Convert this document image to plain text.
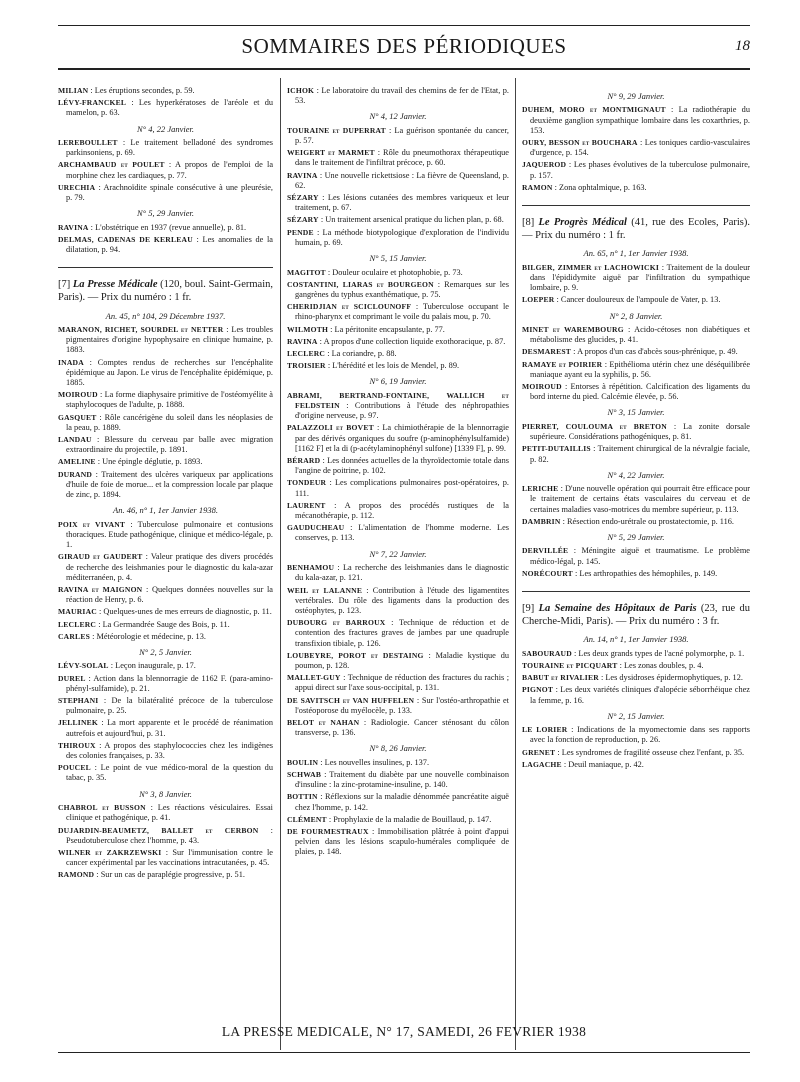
SOMMAIRES DES PÉRIODIQUES	18

MILIAN : Les éruptions secondes, p. 59.

LÉVY-FRANCKEL : Les hyperkératoses de l'aréole et du mamelon, p. 63.

N° 4, 22 Janvier.

LEREBOULLET : Le traitement belladoné des syndromes parkinsoniens, p. 69.

ARCHAMBAUD et POULET : A propos de l'emploi de la morphine chez les cardiaques, p. 77.

URECHIA : Arachnoïdite spinale consécutive à une pleurésie, p. 79.

N° 5, 29 Janvier.

RAVINA : L'obstétrique en 1937 (revue annuelle), p. 81.

DELMAS, CADENAS DE KERLEAU : Les anomalies de la dilatation, p. 94.

[7] La Presse Médicale (120, boul. Saint-Germain, Paris). — Prix du numéro : 1 fr.
An. 45, n° 104, 29 Décembre 1937.

MARANON, RICHET, SOURDEL et NETTER : Les troubles pigmentaires d'origine hypophysaire en clinique humaine, p. 1883.

INADA : Comptes rendus de recherches sur l'encéphalite épidémique au Japon. Le virus de l'encéphalite épidémique, p. 1885.

MOIROUD : La forme diaphysaire primitive de l'ostéomyélite à staphylocoques de l'adulte, p. 1888.

GASQUET : Rôle cancérigène du soleil dans les néoplasies de la peau, p. 1889.

LANDAU : Blessure du cerveau par balle avec migration extraordinaire du projectile, p. 1891.

AMELINE : Une épingle déglutie, p. 1893.

DURAND : Traitement des ulcères variqueux par applications d'huile de foie de morue... et la compression locale par plaque de zinc, p. 1894.

An. 46, n° 1, 1er Janvier 1938.

POIX et VIVANT : Tuberculose pulmonaire et contusions thoraciques. Etude pathogénique, clinique et médico-légale, p. 1.

GIRAUD et GAUDERT : Valeur pratique des divers procédés de recherche des leishmanies pour le diagnostic du kala-azar méditerranéen, p. 4.

RAVINA et MAIGNON : Quelques données nouvelles sur la réaction de Henry, p. 6.

MAURIAC : Quelques-unes de mes erreurs de diagnostic, p. 11.

LECLERC : La Germandrée Sauge des Bois, p. 11.

CARLES : Météorologie et médecine, p. 13.

N° 2, 5 Janvier.

LÉVY-SOLAL : Leçon inaugurale, p. 17.

DUREL : Action dans la blennorragie de 1162 F. (para-amino-phényl-sulfamide), p. 21.

STEPHANI : De la bilatéralité précoce de la tuberculose pulmonaire, p. 25.

JELLINEK : La mort apparente et le procédé de réanimation autrefois et aujourd'hui, p. 31.

THIROUX : A propos des staphylococcies chez les indigènes des colonies françaises, p. 33.

POUCEL : Le point de vue médico-moral de la question du tabac, p. 35.

N° 3, 8 Janvier.

CHABROL et BUSSON : Les réactions vésiculaires. Essai clinique et pathogénique, p. 41.

DUJARDIN-BEAUMETZ, BALLET et CERBON : Pseudotuberculose chez l'homme, p. 43.

WILNER et ZAKRZEWSKI : Sur l'immunisation contre le cancer expérimental par les vaccinations intracutanées, p. 45.

RAMOND : Sur un cas de paraplégie progressive, p. 51.

ICHOK : Le laboratoire du travail des chemins de fer de l'Etat, p. 53.

N° 4, 12 Janvier.

TOURAINE et DUPERRAT : La guérison spontanée du cancer, p. 57.

WEIGERT et MARMET : Rôle du pneumothorax thérapeutique dans le traitement de l'infiltrat précoce, p. 60.

RAVINA : Une nouvelle rickettsiose : La fièvre de Queensland, p. 62.

SÉZARY : Les lésions cutanées des membres variqueux et leur traitement, p. 67.

SÉZARY : Un traitement arsenical pratique du lichen plan, p. 68.

PENDE : La méthode biotypologique d'exploration de l'individu humain, p. 69.

N° 5, 15 Janvier.

MAGITOT : Douleur oculaire et photophobie, p. 73.

COSTANTINI, LIARAS et BOURGEON : Remarques sur les gangrènes du typhus exanthématique, p. 75.

CHERIDJIAN et SCICLOUNOFF : Tuberculose occupant le rhino-pharynx et comprimant le voile du palais mou, p. 70.

WILMOTH : La péritonite encapsulante, p. 77.

RAVINA : A propos d'une collection liquide exothoracique, p. 87.

LECLERC : La coriandre, p. 88.

TROISIER : L'hérédité et les lois de Mendel, p. 89.

N° 6, 19 Janvier.

ABRAMI, BERTRAND-FONTAINE, WALLICH et FELDSTEIN : Contributions à l'étude des néphropathies d'origine nerveuse, p. 97.

PALAZZOLI et BOVET : La chimiothérapie de la blennorragie par des dérivés organiques du soufre (p-aminophénylsulfamide) [1162 F] et la di (p-acétylaminophényl sulfone) [1339 F], p. 99.

BÉRARD : Les données actuelles de la thyroïdectomie totale dans l'angine de poitrine, p. 102.

TONDEUR : Les complications pulmonaires post-opératoires, p. 111.

LAURENT : A propos des procédés rustiques de la mécanothérapie, p. 112.

GAUDUCHEAU : L'alimentation de l'homme moderne. Les conserves, p. 113.

N° 7, 22 Janvier.

BENHAMOU : La recherche des leishmanies dans le diagnostic du kala-azar, p. 121.

WEIL et LALANNE : Contribution à l'étude des ligamentites vertébrales. Du rôle des ligaments dans la production des ostéophytes, p. 123.

DUBOURG et BARROUX : Technique de réduction et de contention des fractures graves de jambes par une quadruple transfixion tibiale, p. 126.

LOUBEYRE, POROT et DESTAING : Maladie kystique du poumon, p. 128.

MALLET-GUY : Technique de réduction des fractures du rachis ; appui direct sur l'axe sous-occipital, p. 131.

DE SAVITSCH et VAN HUFFELEN : Sur l'ostéo-arthropathie et l'ostéoporose du myélocèle, p. 133.

BELOT et NAHAN : Radiologie. Cancer sténosant du côlon transverse, p. 136.

N° 8, 26 Janvier.

BOULIN : Les nouvelles insulines, p. 137.

SCHWAB : Traitement du diabète par une nouvelle combinaison d'insuline : la zinc-protamine-insuline, p. 140.

BOTTIN : Réflexions sur la maladie dénommée pancréatite aiguë chez l'homme, p. 142.

CLÉMENT : Prophylaxie de la maladie de Bouillaud, p. 147.

DE FOURMESTRAUX : Immobilisation plâtrée à point d'appui pelvien dans les lésions scapulo-humérales compliquée de plaies, p. 148.

N° 9, 29 Janvier.

DUHEM, MORO et MONTMIGNAUT : La radiothérapie du deuxième ganglion sympathique lombaire dans les coxarthries, p. 153.

OURY, BESSON et BOUCHARA : Les toniques cardio-vasculaires d'urgence, p. 154.

JAQUEROD : Les phases évolutives de la tuberculose pulmonaire, p. 157.

RAMON : Zona ophtalmique, p. 163.

[8] Le Progrès Médical (41, rue des Ecoles, Paris). — Prix du numéro : 1 fr.
An. 65, n° 1, 1er Janvier 1938.

BILGER, ZIMMER et LACHOWICKI : Traitement de la douleur dans l'épididymite aiguë par l'infiltration du sympathique lombaire, p. 9.

LOEPER : Cancer douloureux de l'ampoule de Vater, p. 13.

N° 2, 8 Janvier.

MINET et WAREMBOURG : Acido-cétoses non diabétiques et métabolisme des glucides, p. 41.

DESMAREST : A propos d'un cas d'abcès sous-phrénique, p. 49.

RAMAYE et POIRIER : Epithélioma utérin chez une déséquilibrée maniaque ayant eu la syphilis, p. 56.

MOIROUD : Entorses à répétition. Calcification des ligaments du bord interne du pied. Calcémie élevée, p. 56.

N° 3, 15 Janvier.

PIERRET, COULOUMA et BRETON : La zonite dorsale supérieure. Considérations pathogéniques, p. 81.

PETIT-DUTAILLIS : Traitement chirurgical de la névralgie faciale, p. 82.

N° 4, 22 Janvier.

LERICHE : D'une nouvelle opération qui pourrait être efficace pour le traitement de certains états vasculaires du cerveau et de certaines maladies vaso-motrices du membre supérieur, p. 113.

DAMBRIN : Résection endo-urétrale ou prostatectomie, p. 116.

N° 5, 29 Janvier.

DERVILLÉE : Méningite aiguë et traumatisme. Le problème médico-légal, p. 145.

NORÉCOURT : Les arthropathies des hémophiles, p. 149.

[9] La Semaine des Hôpitaux de Paris (23, rue du Cherche-Midi, Paris). — Prix du numéro : 3 fr.
An. 14, n° 1, 1er Janvier 1938.

SABOURAUD : Les deux grands types de l'acné polymorphe, p. 1.

TOURAINE et PICQUART : Les zonas doubles, p. 4.

BABUT et RIVALIER : Les dysidroses épidermophytiques, p. 12.

PIGNOT : Les deux variétés cliniques d'alopécie séborrhéique chez la femme, p. 16.

N° 2, 15 Janvier.

LE LORIER : Indications de la myomectomie dans ses rapports avec la fonction de reproduction, p. 26.

GRENET : Les syndromes de fragilité osseuse chez l'enfant, p. 35.

LAGACHE : Deuil maniaque, p. 42.

LA PRESSE MEDICALE, N° 17, SAMEDI, 26 FEVRIER 1938
